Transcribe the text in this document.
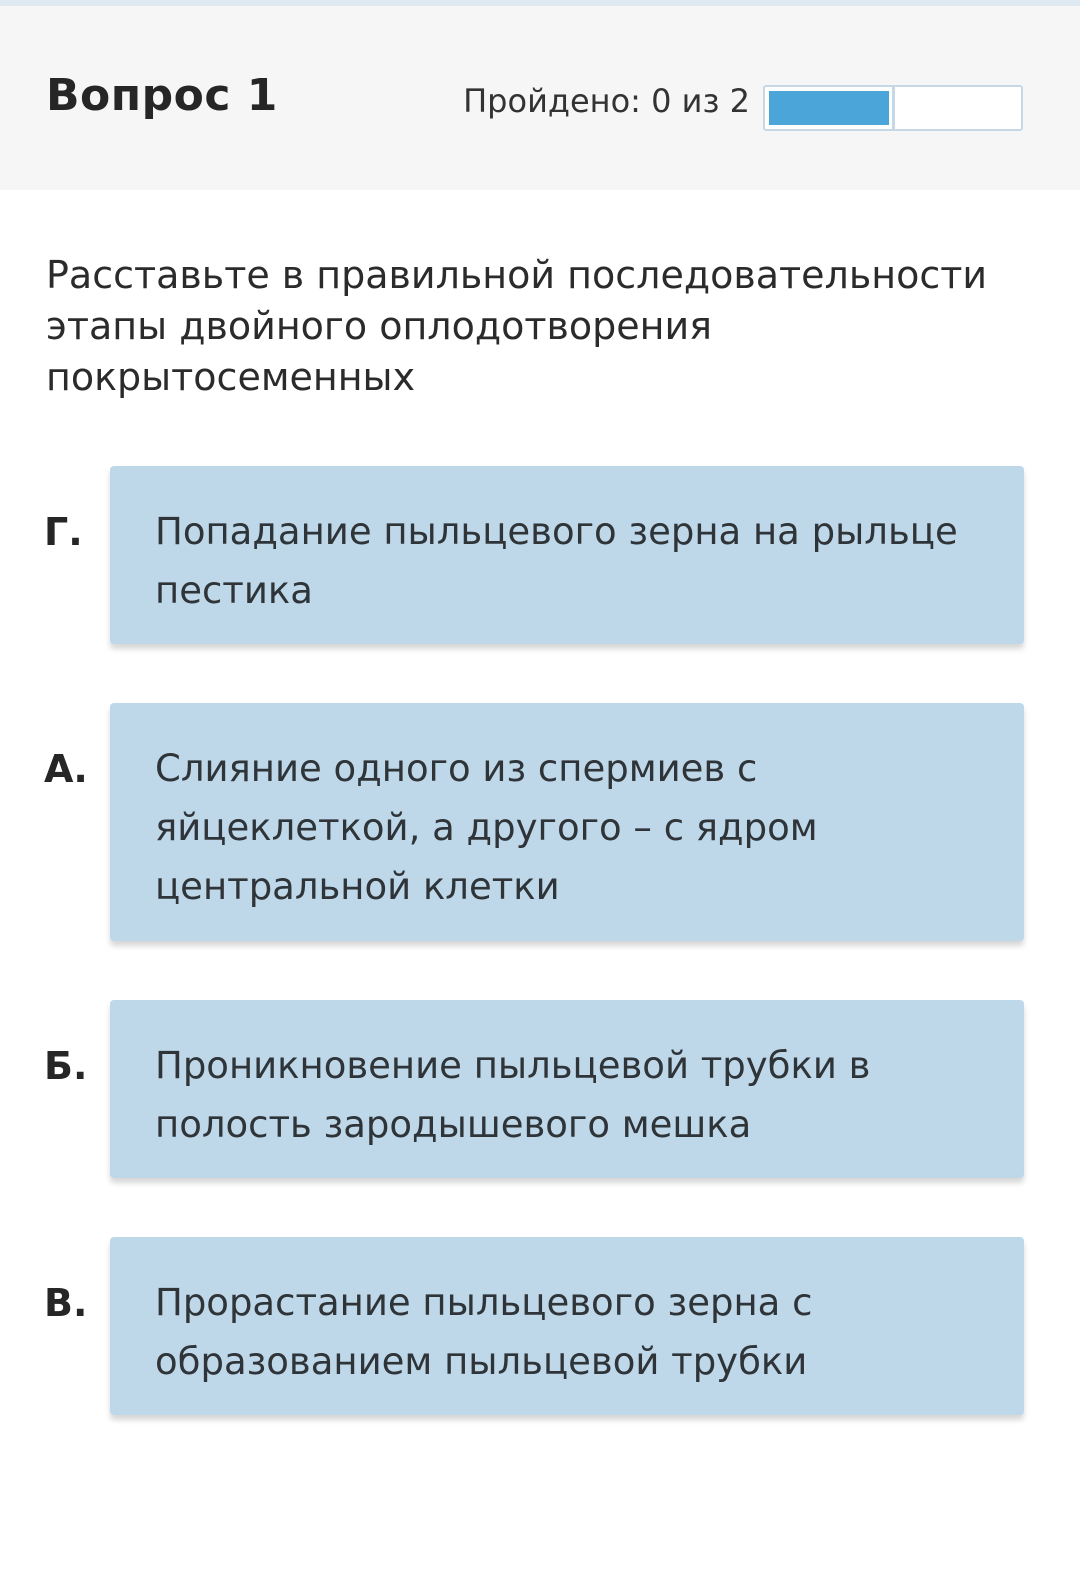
Вопрос 1	Пройдено: 0 из 2
Расставьте в правильной последовательности этапы двойного оплодотворения покрытосеменных
Г.	Попадание пыльцевого зерна на рыльце пестика
А.	Слияние одного из спермиев с яйцеклеткой, а другого – с ядром центральной клетки
Б.	Проникновение пыльцевой трубки в полость зародышевого мешка
В.	Прорастание пыльцевого зерна с образованием пыльцевой трубки
